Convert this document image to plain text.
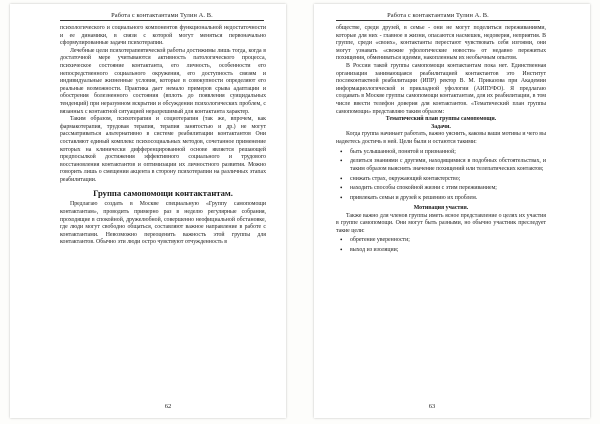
Работа с контактантами Тулин А. В.

психологического и социального компонентов функциональной недостаточности и ее динамики, в связи с которой могут меняться первоначально сформулированные задачи психотерапии.

Лечебные цели психотерапевтической работы достижимы лишь тогда, когда в достаточной мере учитываются активность патологического процесса, психическое состояние контактанта, его личность, особенности его непосредственного социального окружения, его доступность связям и индивидуальные жизненные условия, которые в совокупности определяют его реальные возможности. Практика дает немало примеров срыва адаптации и обострения болезненного состояния (вплоть до появления суицидальных тенденций) при неразумном вскрытии и обсуждении психологических проблем, с вязанных с контактной ситуацией неразрешимый для контактанта характер.

Таким образом, психотерапия и социотерапия (так же, впрочем, как фармакотерапия, трудовая терапия, терапия занятостью и др.) не могут рассматриваться альтернативно в системе реабилитации контактантов Они составляют единый комплекс психосоциальных методов, сочетанное применение которых на клинически дифференцированной основе является решающей предпосылкой достижения эффективного социального и трудового восстановления контактантов и оптимизации их личностного развития. Можно говорить лишь о смещении акцента в сторону психотерапии на различных этапах реабилитации.

Группа самопомощи контактантам.

Предлагаю создать в Москве специальную «Группу самопомощи контактантам», проводить примерно раз в неделю регулярные собрания, проходящие в спокойной, дружелюбной, совершенно неофициальной обстановке, где люди могут свободно общаться, составляют важное направление в работе с контактантами. Невозможно переоценить важность этой группы для контактантов. Обычно эти люди остро чувствуют отчужденность в

62
Работа с контактантами Тулин А. В.

обществе, среди друзей, в семье - они не могут поделиться переживаниями, которые для них - главное в жизни, опасаются насмешек, недоверия, неприятия. В группе, среди «своих», контактанты перестают чувствовать себя изгоями, они могут узнавать «свежие уфологические новости» от недавно пережитых похищения, обмениваться идеями, накопленным их необычным опытом.

В России такой группы самопомощи контактантам пока нет. Единственная организация занимающаяся реабилитацией контактантов это Институт послеконтактной реабилитации (ИПР) ректор В. М. Приказова при Академии информациологической и прикладной уфологии (АИПУФО). Я предлагаю создавать в Москве группы самопомощи контактантам, для их реабилитации, в том числе ввести телефон доверия для контактантов. «Тематический план группы самопомощи» представляю таким образом:

Тематический план группы самопомощи.

Задачи.

Когда группа начинает работать, важно уяснить, каковы ваши мотивы и чего вы надеетесь достичь в ней. Цели были и остаются такими:

• быть услышанной, понятой и признанной;
• делиться знаниями с другими, находящимися в подобных обстоятельствах, и таким образом выяснять значение похищений или телепатических контактов;
• снижать страх, окружающий контактерство;
• находить способы спокойной жизни с этим переживанием;
• привлекать семьи и друзей к решению их проблем.

Мотивация участия.

Также важно для членов группы иметь ясное представление о целях их участия в группе самопомощи. Они могут быть разными, но обычно участник преследует такие цели:

• обретение уверенности;
• выход из изоляции;
63
